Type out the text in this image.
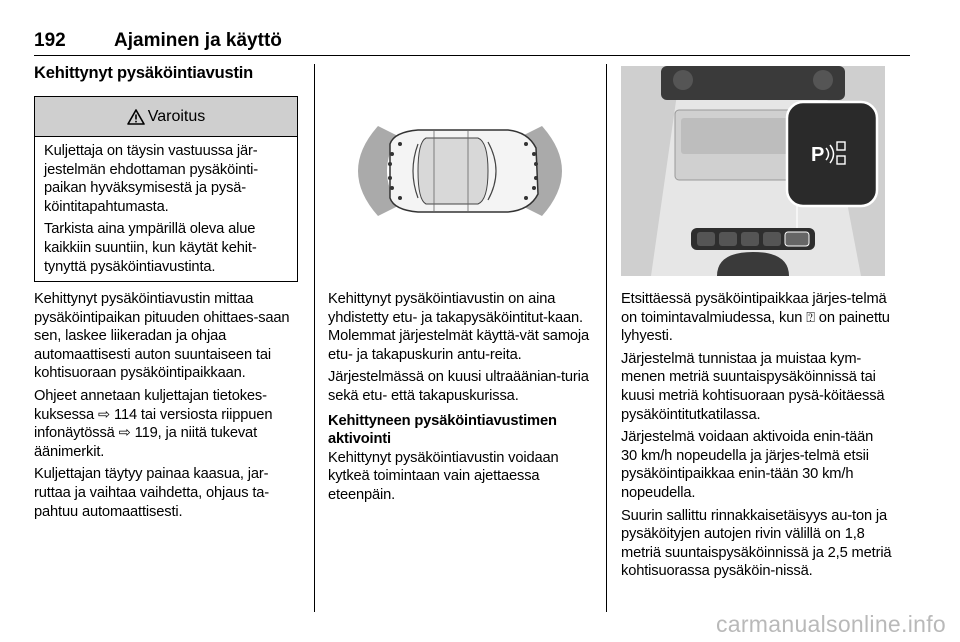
192	Ajaminen ja käyttö
Kehittynyt pysäköintiavustin
Varoitus

Kuljettaja on täysin vastuussa jär-jestelmän ehdottaman pysäköinti-paikan hyväksymisestä ja pysä-köintitapahtumasta.

Tarkista aina ympärillä oleva alue kaikkiin suuntiin, kun käytät kehit-tynyttä pysäköintiavustinta.

Kehittynyt pysäköintiavustin mittaa pysäköintipaikan pituuden ohittaes-saan sen, laskee liikeradan ja ohjaa automaattisesti auton suuntaiseen tai kohtisuoraan pysäköintipaikkaan.

Ohjeet annetaan kuljettajan tietokes-kuksessa ⇨ 114 tai versiosta riippuen infonäytössä ⇨ 119, ja niitä tukevat äänimerkit.

Kuljettajan täytyy painaa kaasua, jar-ruttaa ja vaihtaa vaihdetta, ohjaus ta-pahtuu automaattisesti.

Kehittynyt pysäköintiavustin on aina yhdistetty etu- ja takapysäköintitut-kaan. Molemmat järjestelmät käyttä-vät samoja etu- ja takapuskurin antu-reita.

Järjestelmässä on kuusi ultraäänian-turia sekä etu- että takapuskurissa.

Kehittyneen pysäköintiavustimen aktivointi

Kehittynyt pysäköintiavustin voidaan kytkeä toimintaan vain ajettaessa eteenpäin.

P

Etsittäessä pysäköintipaikkaa järjes-telmä on toimintavalmiudessa, kun ⍰ on painettu lyhyesti.

Järjestelmä tunnistaa ja muistaa kym-menen metriä suuntaispysäköinnissä tai kuusi metriä kohtisuoraan pysä-köitäessä pysäköintitutkatilassa.

Järjestelmä voidaan aktivoida enin-tään 30 km/h nopeudella ja järjes-telmä etsii pysäköintipaikkaa enin-tään 30 km/h nopeudella.

Suurin sallittu rinnakkaisetäisyys au-ton ja pysäköityjen autojen rivin välillä on 1,8 metriä suuntaispysäköinnissä ja 2,5 metriä kohtisuorassa pysäköin-nissä.

carmanualsonline.info
